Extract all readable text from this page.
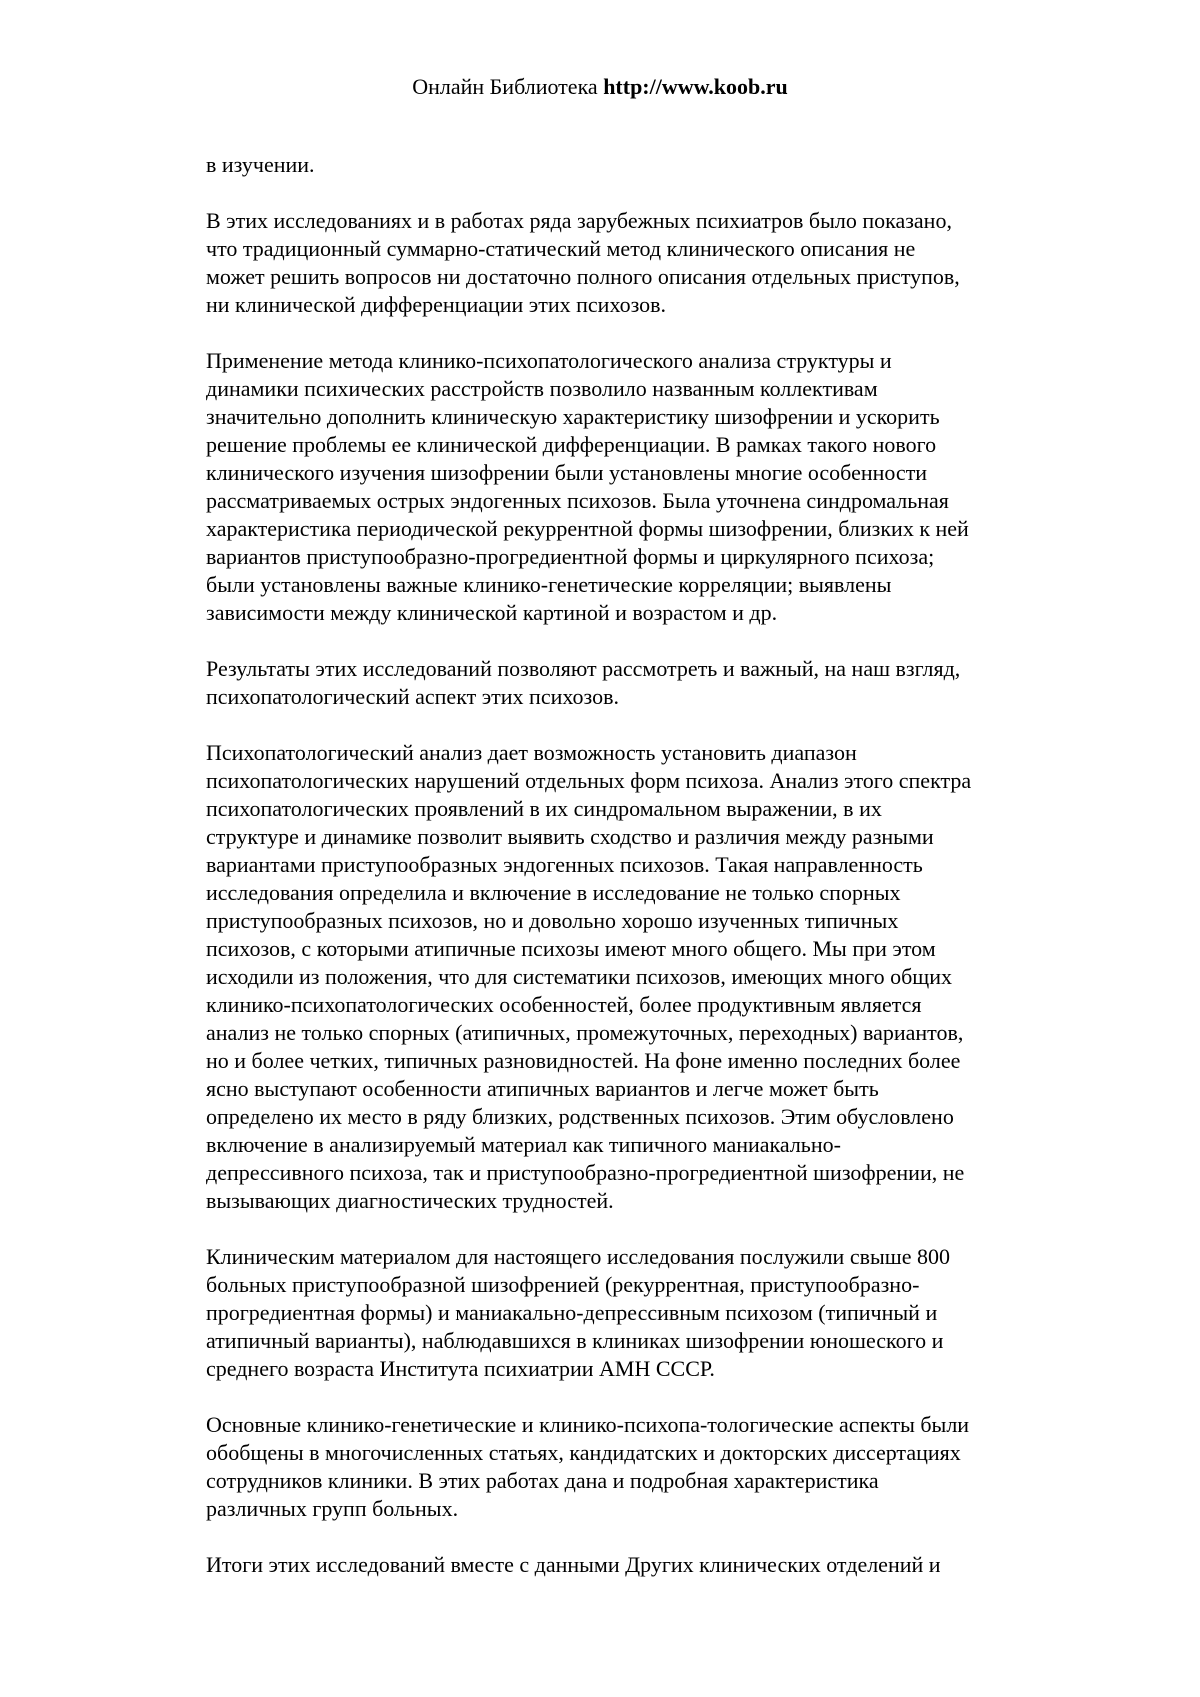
Онлайн Библиотека http://www.koob.ru

в изучении.

В этих исследованиях и в работах ряда зарубежных психиатров было показано,
что традиционный суммарно-статический метод клинического описания не
может решить вопросов ни достаточно полного описания отдельных приступов,
ни клинической дифференциации этих психозов.

Применение метода клинико-психопатологического анализа структуры и
динамики психических расстройств позволило названным коллективам
значительно дополнить клиническую характеристику шизофрении и ускорить
решение проблемы ее клинической дифференциации. В рамках такого нового
клинического изучения шизофрении были установлены многие особенности
рассматриваемых острых эндогенных психозов. Была уточнена синдромальная
характеристика периодической рекуррентной формы шизофрении, близких к ней
вариантов приступообразно-прогредиентной формы и циркулярного психоза;
были установлены важные клинико-генетические корреляции; выявлены
зависимости между клинической картиной и возрастом и др.

Результаты этих исследований позволяют рассмотреть и важный, на наш взгляд,
психопатологический аспект этих психозов.

Психопатологический анализ дает возможность установить диапазон
психопатологических нарушений отдельных форм психоза. Анализ этого спектра
психопатологических проявлений в их синдромальном выражении, в их
структуре и динамике позволит выявить сходство и различия между разными
вариантами приступообразных эндогенных психозов. Такая направленность
исследования определила и включение в исследование не только спорных
приступообразных психозов, но и довольно хорошо изученных типичных
психозов, с которыми атипичные психозы имеют много общего. Мы при этом
исходили из положения, что для систематики психозов, имеющих много общих
клинико-психопатологических особенностей, более продуктивным является
анализ не только спорных (атипичных, промежуточных, переходных) вариантов,
но и более четких, типичных разновидностей. На фоне именно последних более
ясно выступают особенности атипичных вариантов и легче может быть
определено их место в ряду близких, родственных психозов. Этим обусловлено
включение в анализируемый материал как типичного маниакально-
депрессивного психоза, так и приступообразно-прогредиентной шизофрении, не
вызывающих диагностических трудностей.

Клиническим материалом для настоящего исследования послужили свыше 800
больных приступообразной шизофренией (рекуррентная, приступообразно-
прогредиентная формы) и маниакально-депрессивным психозом (типичный и
атипичный варианты), наблюдавшихся в клиниках шизофрении юношеского и
среднего возраста Института психиатрии АМН СССР.

Основные клинико-генетические и клинико-психопа-тологические аспекты были
обобщены в многочисленных статьях, кандидатских и докторских диссертациях
сотрудников клиники. В этих работах дана и подробная характеристика
различных групп больных.

Итоги этих исследований вместе с данными Других клинических отделений и
